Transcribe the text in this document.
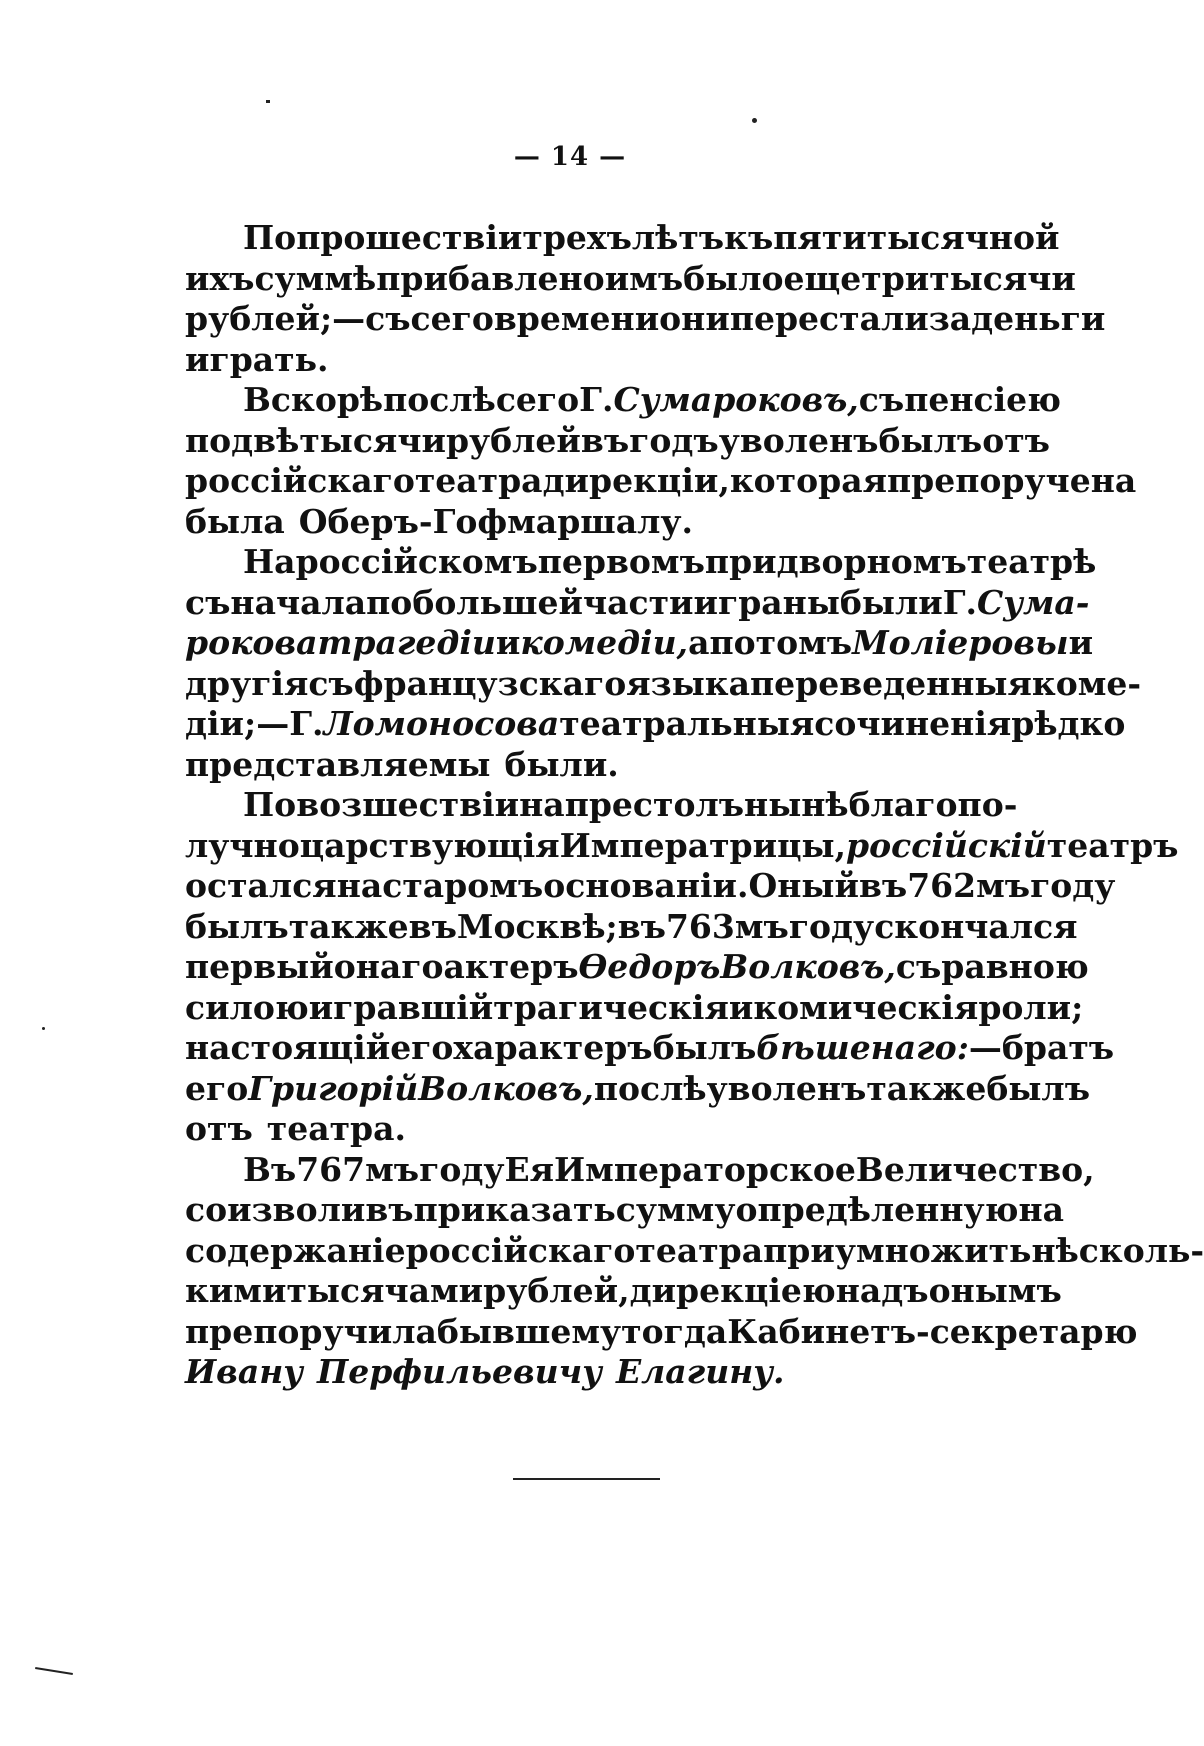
— 14 —
По прошествіи трехъ лѣтъ къ пятитысячной
ихъ суммѣ прибавлено имъ было еще три тысячи
рублей;—съ сего времени они перестали за деньги
играть.
Вскорѣ послѣ сего Г. Сумароковъ, съ пенсіею
по двѣ тысячи рублей въ годъ уволенъ былъ отъ
россійскаго театра дирекціи, которая препоручена
была Оберъ-Гофмаршалу.
На россійскомъ первомъ придворномъ театрѣ
съ начала по большей части играны были Г. Сума-
рокова трагедіи и комедіи, а потомъ Моліеровы и
другія съ французскаго языка переведенныя коме-
діи;—Г. Ломоносова театральныя сочиненія рѣдко
представляемы были.
По возшествіи на престолъ нынѣ благопо-
лучно царствующія Императрицы, россійскій театръ
остался на старомъ основаніи. Оный въ 762 мъ году
былъ также въ Москвѣ; въ 763 мъ году скончался
первый онаго актеръ Өедоръ Волковъ, съ равною
силою игравшій трагическія и комическія роли;
настоящій его характеръ былъ бѣшенаго: — братъ
его Григорій Волковъ, послѣ уволенъ также былъ
отъ театра.
Въ 767 мъ году Ея Императорское Величество,
соизволивъ приказать сумму опредѣленную на
содержаніе россійскаго театра приумножить нѣсколь-
кими тысячами рублей, дирекціею надъ онымъ
препоручила бывшему тогда Кабинетъ-секретарю
Ивану Перфильевичу Елагину.
